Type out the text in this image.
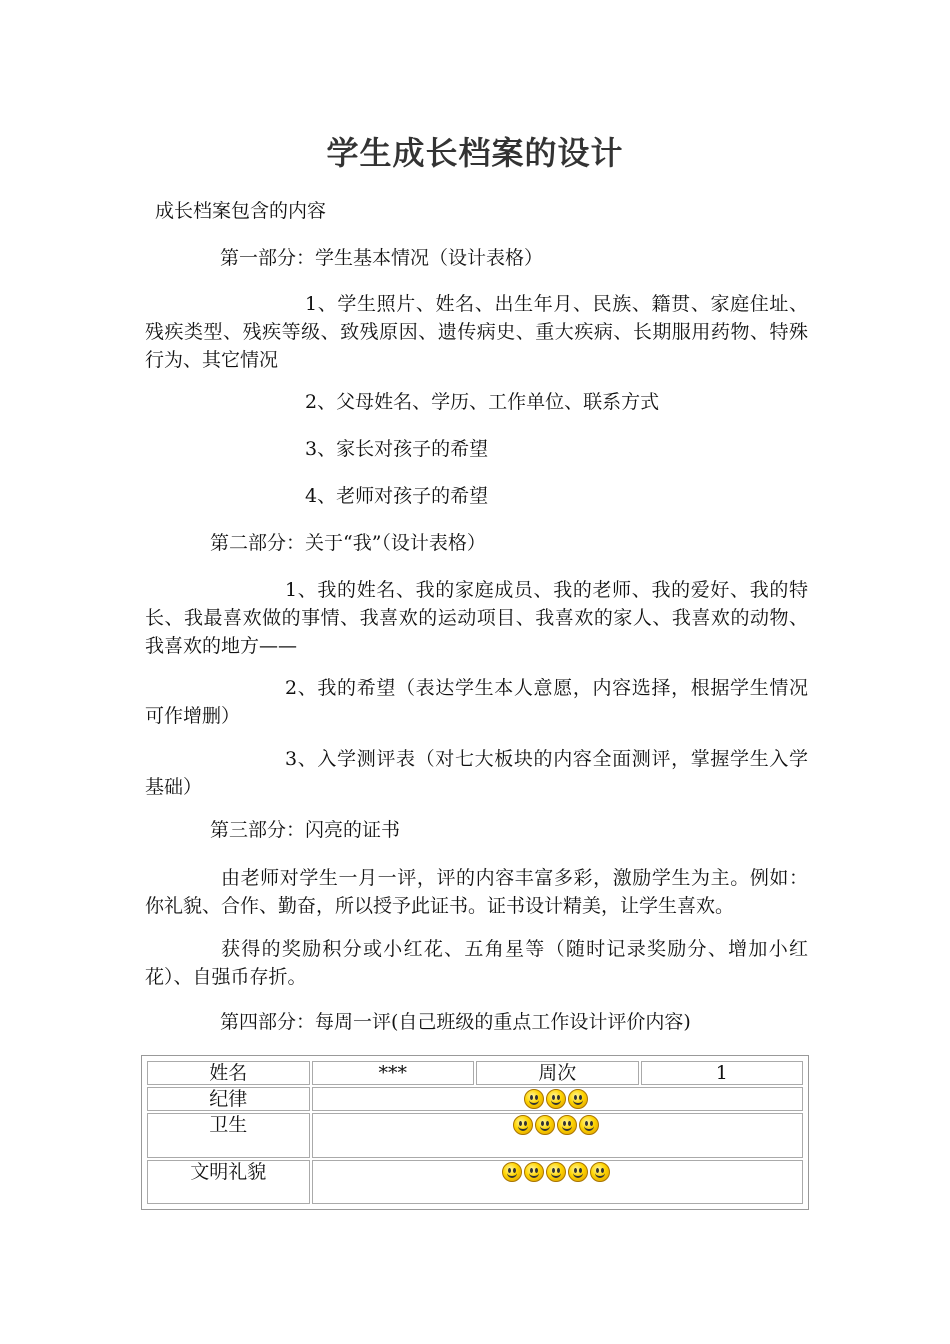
学生成长档案的设计
成长档案包含的内容
第一部分：学生基本情况（设计表格）
1、学生照片、姓名、出生年月、民族、籍贯、家庭住址、残疾类型、残疾等级、致残原因、遗传病史、重大疾病、长期服用药物、特殊行为、其它情况
2、父母姓名、学历、工作单位、联系方式
3、家长对孩子的希望
4、老师对孩子的希望
第二部分：关于“我”（设计表格）
1、我的姓名、我的家庭成员、我的老师、我的爱好、我的特长、我最喜欢做的事情、我喜欢的运动项目、我喜欢的家人、我喜欢的动物、我喜欢的地方——
2、我的希望（表达学生本人意愿，内容选择，根据学生情况可作增删）
3、入学测评表（对七大板块的内容全面测评，掌握学生入学基础）
第三部分：闪亮的证书
由老师对学生一月一评，评的内容丰富多彩，激励学生为主。例如：你礼貌、合作、勤奋，所以授予此证书。证书设计精美，让学生喜欢。
获得的奖励积分或小红花、五角星等（随时记录奖励分、增加小红花）、自强币存折。
第四部分：每周一评(自己班级的重点工作设计评价内容)
姓名	***	周次	1
纪律			

卫生			

文明礼貌			
